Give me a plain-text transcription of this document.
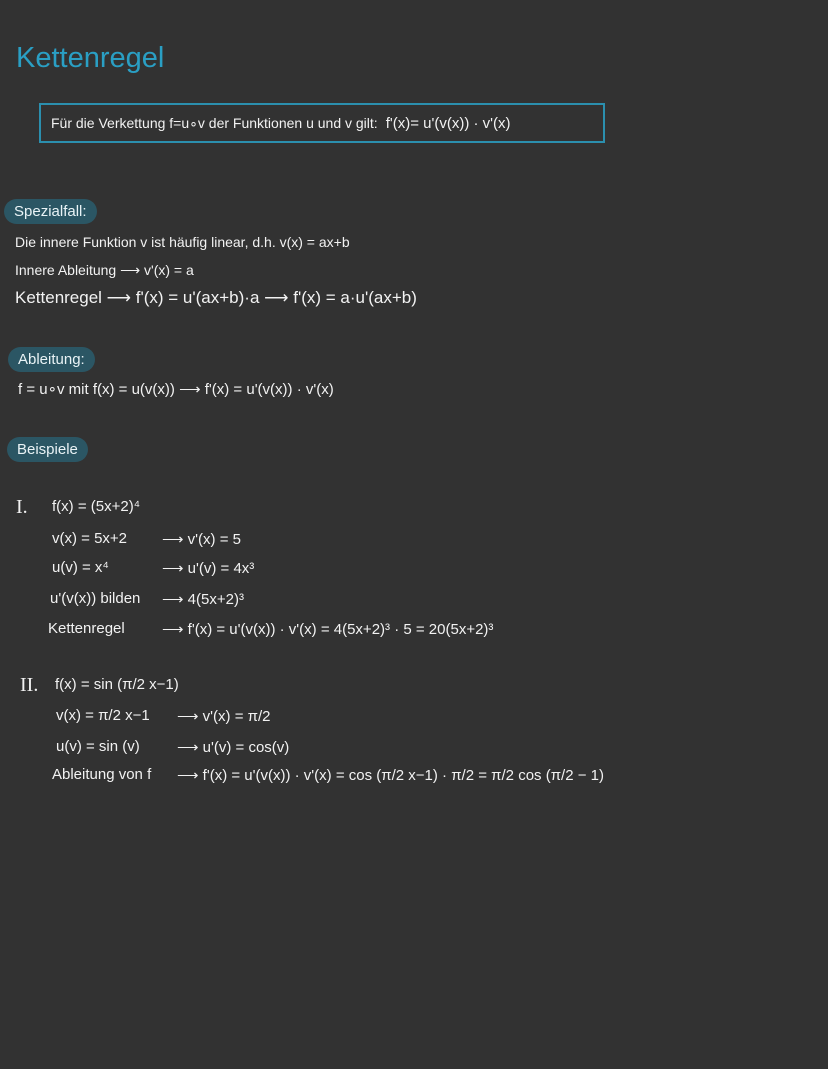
Kettenregel
Für die Verkettung f=u∘v der Funktionen u und v gilt: f'(x)= u'(v(x)) · v'(x)
Spezialfall:
Die innere Funktion v ist häufig linear, d.h. v(x) = ax+b
Innere Ableitung ⟶ v'(x) = a
Kettenregel ⟶ f'(x) = u'(ax+b)·a ⟶ f'(x) = a·u'(ax+b)
Ableitung:
f = u∘v mit f(x) = u(v(x)) ⟶ f'(x) = u'(v(x)) · v'(x)
Beispiele
I. f(x) = (5x+2)⁴
v(x) = 5x+2 ⟶ v'(x) = 5
u(v) = x⁴	⟶ u'(v) = 4x³
u'(v(x)) bilden ⟶ 4(5x+2)³
Kettenregel ⟶ f'(x) = u'(v(x)) · v'(x) = 4(5x+2)³ · 5 = 20(5x+2)³
II. f(x) = sin (π/2 x−1)
v(x) = π/2 x−1 ⟶ v'(x) = π/2
u(v) = sin (v) ⟶ u'(v) = cos(v)
Ableitung von f ⟶ f'(x) = u'(v(x)) · v'(x) = cos (π/2 x−1) · π/2 = π/2 cos (π/2 − 1)
